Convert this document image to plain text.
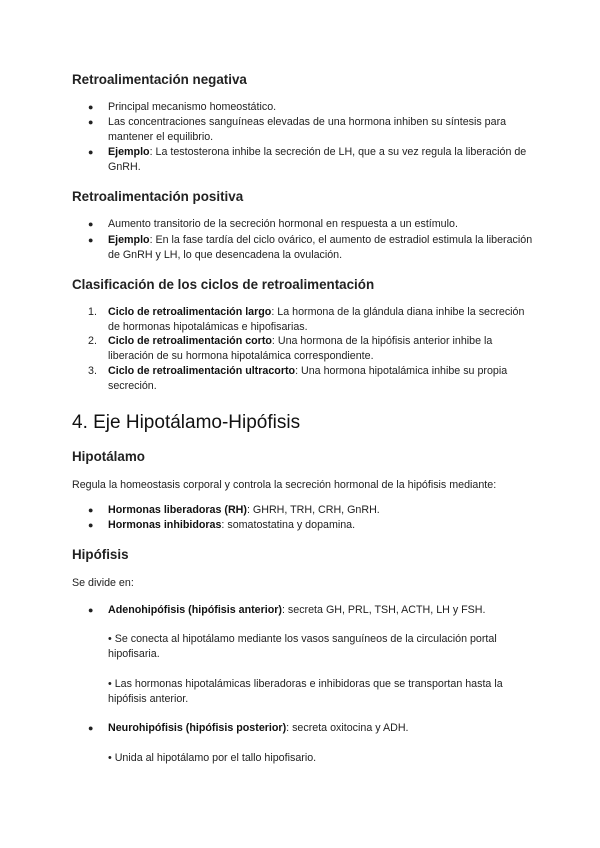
Retroalimentación negativa
● Principal mecanismo homeostático.

● Las concentraciones sanguíneas elevadas de una hormona inhiben su síntesis para mantener el equilibrio.

● Ejemplo: La testosterona inhibe la secreción de LH, que a su vez regula la liberación de GnRH.

Retroalimentación positiva
● Aumento transitorio de la secreción hormonal en respuesta a un estímulo.

● Ejemplo: En la fase tardía del ciclo ovárico, el aumento de estradiol estimula la liberación de GnRH y LH, lo que desencadena la ovulación.

Clasificación de los ciclos de retroalimentación
1. Ciclo de retroalimentación largo: La hormona de la glándula diana inhibe la secreción de hormonas hipotalámicas e hipofisarias.

2. Ciclo de retroalimentación corto: Una hormona de la hipófisis anterior inhibe la liberación de su hormona hipotalámica correspondiente.

3. Ciclo de retroalimentación ultracorto: Una hormona hipotalámica inhibe su propia secreción.

4. Eje Hipotálamo-Hipófisis
Hipotálamo

Regula la homeostasis corporal y controla la secreción hormonal de la hipófisis mediante:

● Hormonas liberadoras (RH): GHRH, TRH, CRH, GnRH.

● Hormonas inhibidoras: somatostatina y dopamina.

Hipófisis

Se divide en:

● Adenohipófisis (hipófisis anterior): secreta GH, PRL, TSH, ACTH, LH y FSH.

• Se conecta al hipotálamo mediante los vasos sanguíneos de la circulación portal hipofisaria.

• Las hormonas hipotalámicas liberadoras e inhibidoras que se transportan hasta la hipófisis anterior.

● Neurohipófisis (hipófisis posterior): secreta oxitocina y ADH.

• Unida al hipotálamo por el tallo hipofisario.
